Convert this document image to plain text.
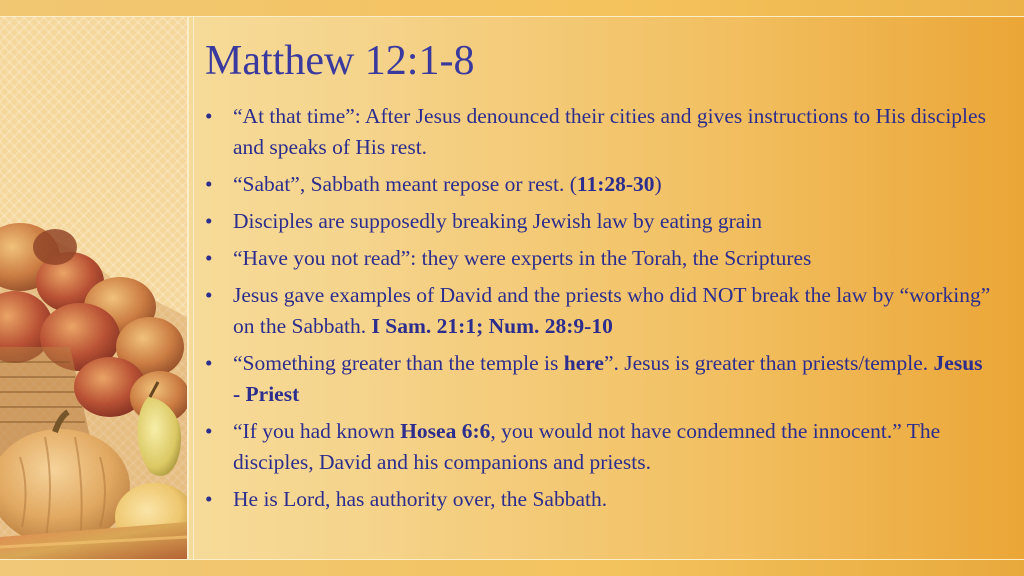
Matthew 12:1-8
• “At that time”: After Jesus denounced their cities and gives instructions to His disciples and speaks of His rest.
• “Sabat”, Sabbath meant repose or rest. (11:28-30)
• Disciples are supposedly breaking Jewish law by eating grain
• “Have you not read”: they were experts in the Torah, the Scriptures
• Jesus gave examples of David and the priests who did NOT break the law by “working” on the Sabbath. I Sam. 21:1; Num. 28:9-10
• “Something greater than the temple is here”. Jesus is greater than priests/temple. Jesus - Priest
• “If you had known Hosea 6:6, you would not have condemned the innocent.” The disciples, David and his companions and priests.
• He is Lord, has authority over, the Sabbath.
